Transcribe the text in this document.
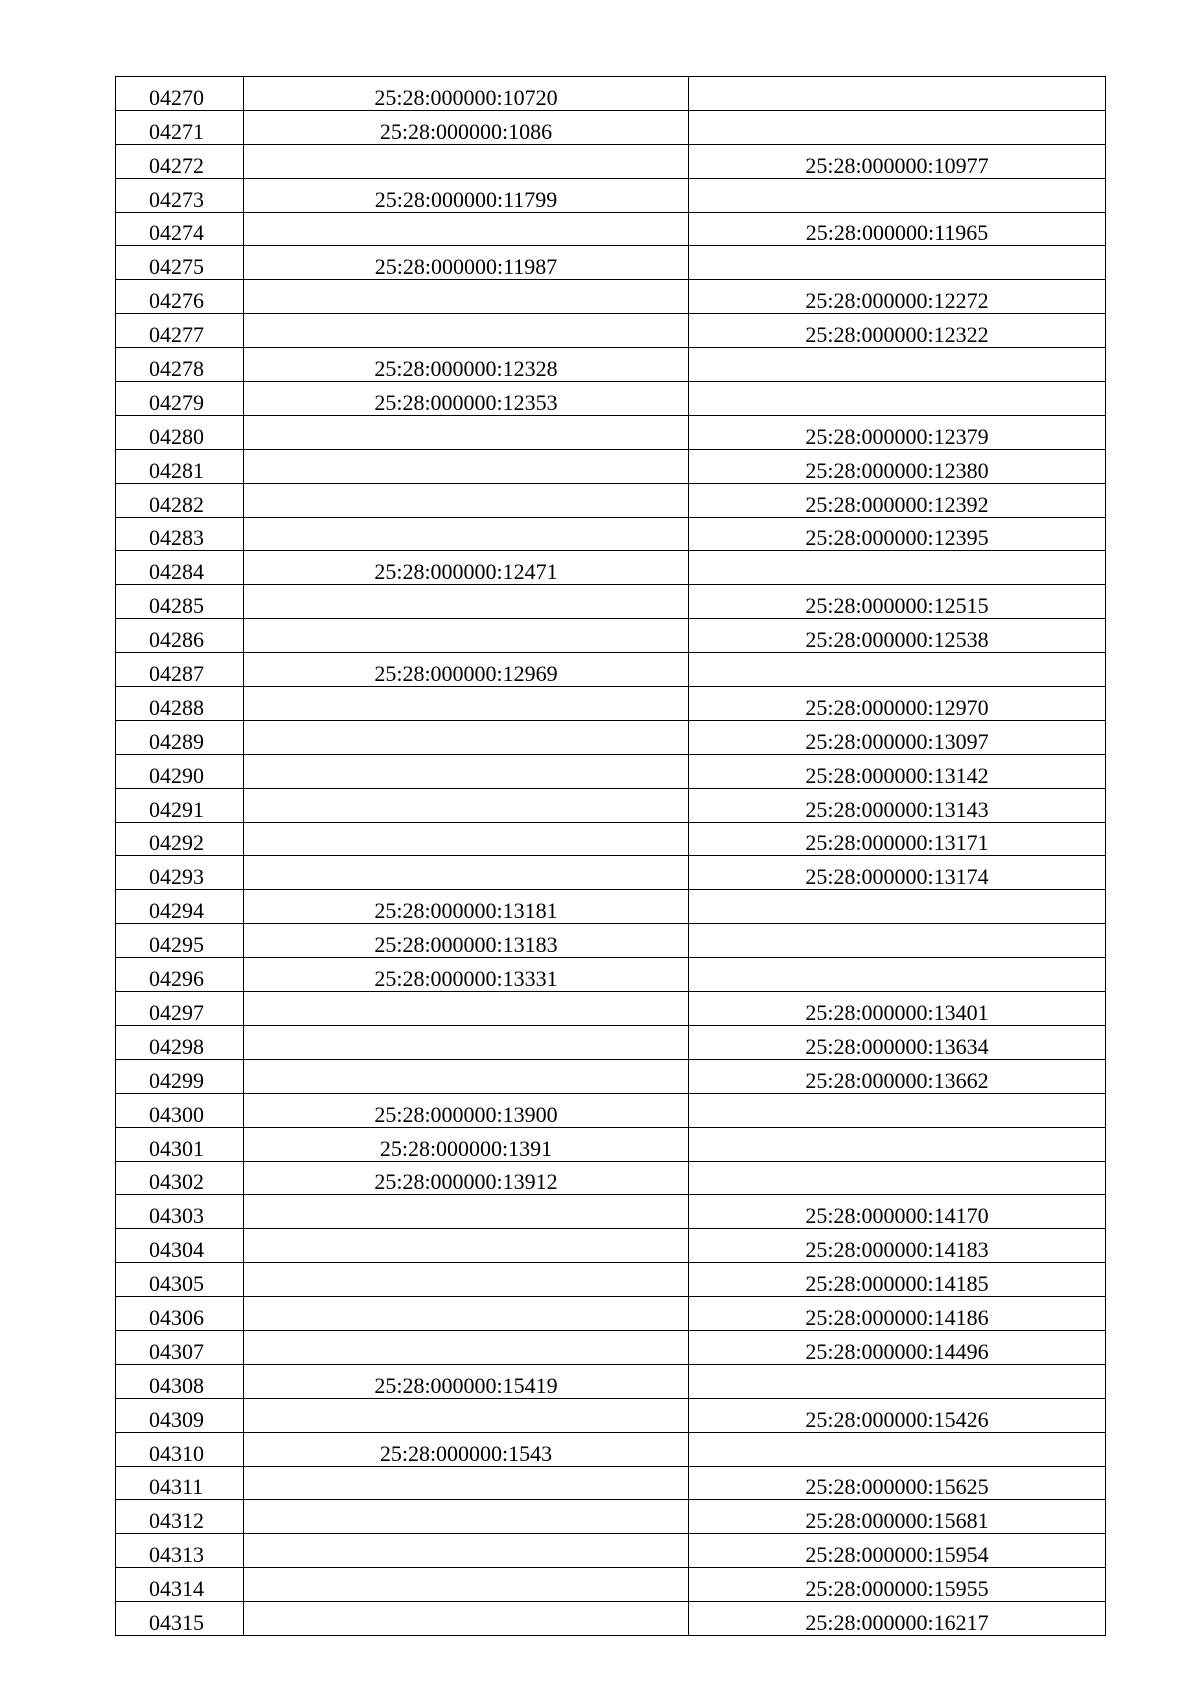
04270	25:28:000000:10720	
04271	25:28:000000:1086	
04272		25:28:000000:10977
04273	25:28:000000:11799	
04274		25:28:000000:11965
04275	25:28:000000:11987	
04276		25:28:000000:12272
04277		25:28:000000:12322
04278	25:28:000000:12328	
04279	25:28:000000:12353	
04280		25:28:000000:12379
04281		25:28:000000:12380
04282		25:28:000000:12392
04283		25:28:000000:12395
04284	25:28:000000:12471	
04285		25:28:000000:12515
04286		25:28:000000:12538
04287	25:28:000000:12969	
04288		25:28:000000:12970
04289		25:28:000000:13097
04290		25:28:000000:13142
04291		25:28:000000:13143
04292		25:28:000000:13171
04293		25:28:000000:13174
04294	25:28:000000:13181	
04295	25:28:000000:13183	
04296	25:28:000000:13331	
04297		25:28:000000:13401
04298		25:28:000000:13634
04299		25:28:000000:13662
04300	25:28:000000:13900	
04301	25:28:000000:1391	
04302	25:28:000000:13912	
04303		25:28:000000:14170
04304		25:28:000000:14183
04305		25:28:000000:14185
04306		25:28:000000:14186
04307		25:28:000000:14496
04308	25:28:000000:15419	
04309		25:28:000000:15426
04310	25:28:000000:1543	
04311		25:28:000000:15625
04312		25:28:000000:15681
04313		25:28:000000:15954
04314		25:28:000000:15955
04315		25:28:000000:16217
